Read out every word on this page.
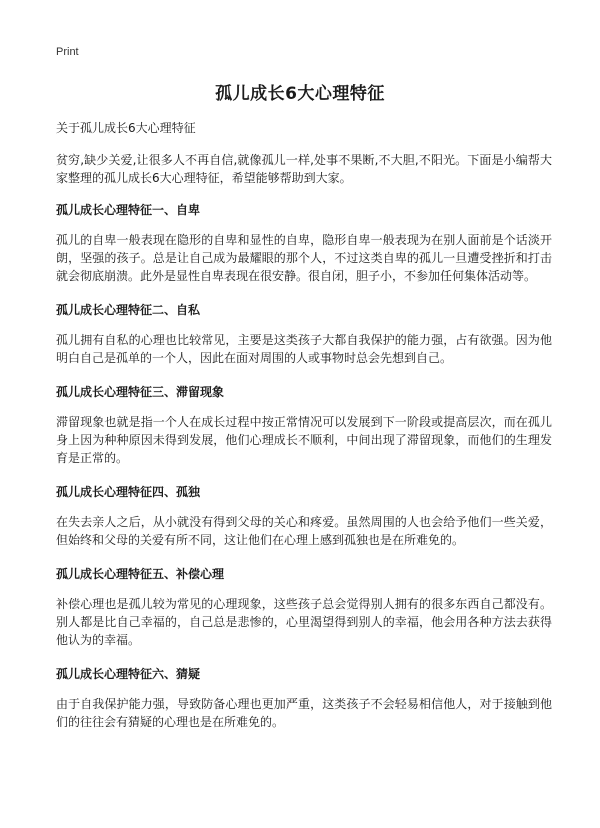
Print
孤儿成长6大心理特征

关于孤儿成长6大心理特征

贫穷,缺少关爱,让很多人不再自信,就像孤儿一样,处事不果断,不大胆,不阳光。下面是小编帮大家整理的孤儿成长6大心理特征，希望能够帮助到大家。

孤儿成长心理特征一、自卑

孤儿的自卑一般表现在隐形的自卑和显性的自卑，隐形自卑一般表现为在别人面前是个话淡开朗，坚强的孩子。总是让自己成为最耀眼的那个人，不过这类自卑的孤儿一旦遭受挫折和打击就会彻底崩溃。此外是显性自卑表现在很安静。很自闭，胆子小，不参加任何集体活动等。

孤儿成长心理特征二、自私

孤儿拥有自私的心理也比较常见，主要是这类孩子大都自我保护的能力强，占有欲强。因为他明白自己是孤单的一个人，因此在面对周围的人或事物时总会先想到自己。

孤儿成长心理特征三、滞留现象

滞留现象也就是指一个人在成长过程中按正常情况可以发展到下一阶段或提高层次，而在孤儿身上因为种种原因未得到发展，他们心理成长不顺利，中间出现了滞留现象，而他们的生理发育是正常的。

孤儿成长心理特征四、孤独

在失去亲人之后，从小就没有得到父母的关心和疼爱。虽然周围的人也会给予他们一些关爱，但始终和父母的关爱有所不同，这让他们在心理上感到孤独也是在所难免的。

孤儿成长心理特征五、补偿心理

补偿心理也是孤儿较为常见的心理现象，这些孩子总会觉得别人拥有的很多东西自己都没有。别人都是比自己幸福的，自己总是悲惨的，心里渴望得到别人的幸福，他会用各种方法去获得他认为的幸福。

孤儿成长心理特征六、猜疑

由于自我保护能力强，导致防备心理也更加严重，这类孩子不会轻易相信他人，对于接触到他们的往往会有猜疑的心理也是在所难免的。
